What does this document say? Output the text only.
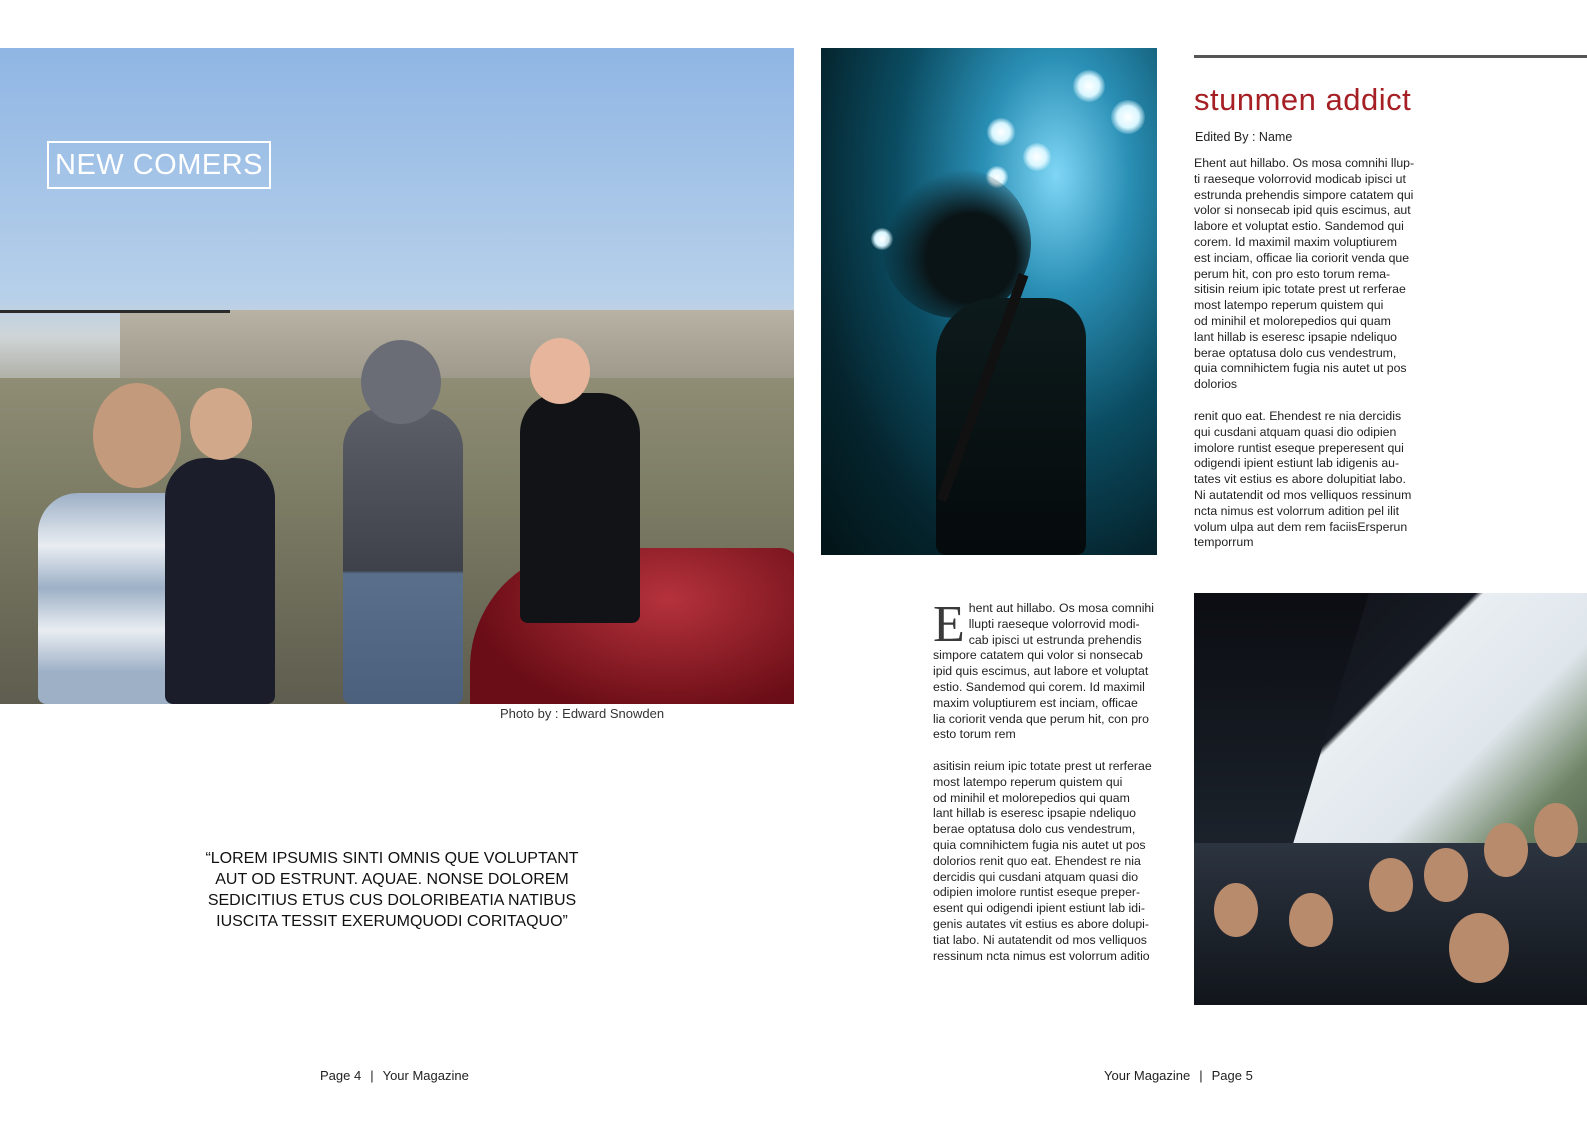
NEW COMERS
Photo by : Edward Snowden
“LOREM IPSUMIS SINTI OMNIS QUE VOLUPTANT AUT OD ESTRUNT. AQUAE. NONSE DOLOREM SEDICITIUS ETUS CUS DOLORIBEATIA NATIBUS IUSCITA TESSIT EXERUMQUODI CORITAQUO”
Page 4 | Your Magazine
stunmen addict
Edited By : Name

Ehent aut hillabo. Os mosa comnihi llup-
ti raeseque volorrovid modicab ipisci ut
estrunda prehendis simpore catatem qui
volor si nonsecab ipid quis escimus, aut
labore et voluptat estio. Sandemod qui
corem. Id maximil maxim voluptiurem
est inciam, officae lia coriorit venda que
perum hit, con pro esto torum rema-
sitisin reium ipic totate prest ut rerferae
most latempo reperum quistem qui
od minihil et molorepedios qui quam
lant hillab is eseresc ipsapie ndeliquo
berae optatusa dolo cus vendestrum,
quia comnihictem fugia nis autet ut pos
dolorios

renit quo eat. Ehendest re nia dercidis
qui cusdani atquam quasi dio odipien
imolore runtist eseque preperesent qui
odigendi ipient estiunt lab idigenis au-
tates vit estius es abore dolupitiat labo.
Ni autatendit od mos velliquos ressinum
ncta nimus est volorrum adition pel ilit
volum ulpa aut dem rem faciisErsperun
temporrum

Ehent aut hillabo. Os mosa comnihi
llupti raeseque volorrovid modi-
cab ipisci ut estrunda prehendis
simpore catatem qui volor si nonsecab
ipid quis escimus, aut labore et voluptat
estio. Sandemod qui corem. Id maximil
maxim voluptiurem est inciam, officae
lia coriorit venda que perum hit, con pro
esto torum rem

asitisin reium ipic totate prest ut rerferae
most latempo reperum quistem qui
od minihil et molorepedios qui quam
lant hillab is eseresc ipsapie ndeliquo
berae optatusa dolo cus vendestrum,
quia comnihictem fugia nis autet ut pos
dolorios renit quo eat. Ehendest re nia
dercidis qui cusdani atquam quasi dio
odipien imolore runtist eseque preper-
esent qui odigendi ipient estiunt lab idi-
genis autates vit estius es abore dolupi-
tiat labo. Ni autatendit od mos velliquos
ressinum ncta nimus est volorrum aditio

Your Magazine | Page 5
